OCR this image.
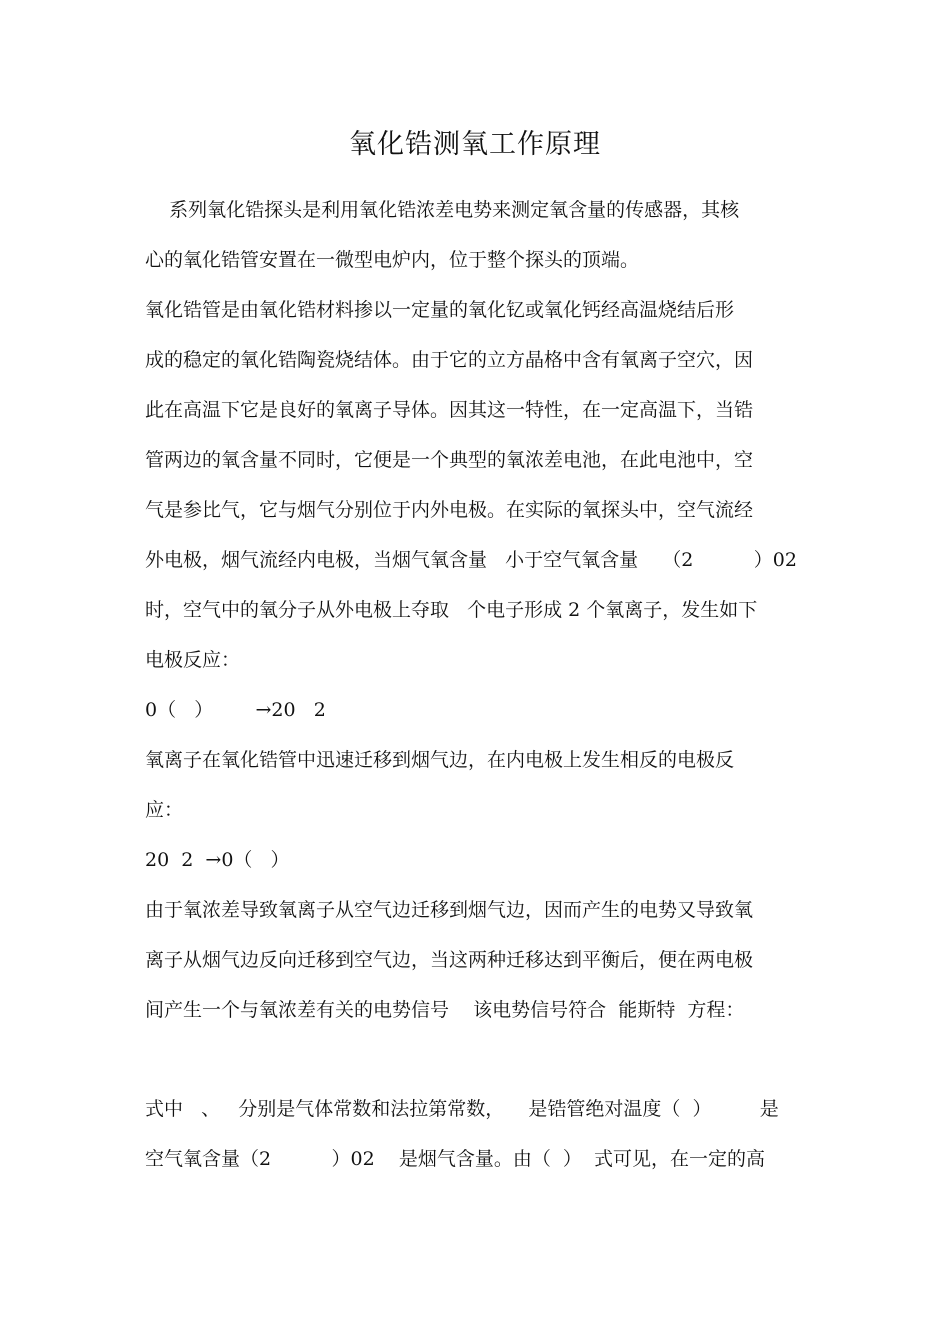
氧化锆测氧工作原理
系列氧化锆探头是利用氧化锆浓差电势来测定氧含量的传感器，其核
心的氧化锆管安置在一微型电炉内，位于整个探头的顶端。
氧化锆管是由氧化锆材料掺以一定量的氧化钇或氧化钙经高温烧结后形
成的稳定的氧化锆陶瓷烧结体。由于它的立方晶格中含有氧离子空穴，因
此在高温下它是良好的氧离子导体。因其这一特性，在一定高温下，当锆
管两边的氧含量不同时，它便是一个典型的氧浓差电池，在此电池中，空
气是参比气，它与烟气分别位于内外电极。在实际的氧探头中，空气流经
外电极，烟气流经内电极，当烟气氧含量   小于空气氧含量    （2          ）02
时，空气中的氧分子从外电极上夺取   个电子形成 2 个氧离子，发生如下
电极反应：
0（   ）       →20   2
氧离子在氧化锆管中迅速迁移到烟气边，在内电极上发生相反的电极反
应：
20  2  →0（   ）
由于氧浓差导致氧离子从空气边迁移到烟气边，因而产生的电势又导致氧
离子从烟气边反向迁移到空气边，当这两种迁移达到平衡后，便在两电极
间产生一个与氧浓差有关的电势信号    该电势信号符合  能斯特  方程：
式中   、   分别是气体常数和法拉第常数，    是锆管绝对温度（  ）        是
空气氧含量（2          ）02    是烟气含量。由（  ）  式可见，在一定的高
